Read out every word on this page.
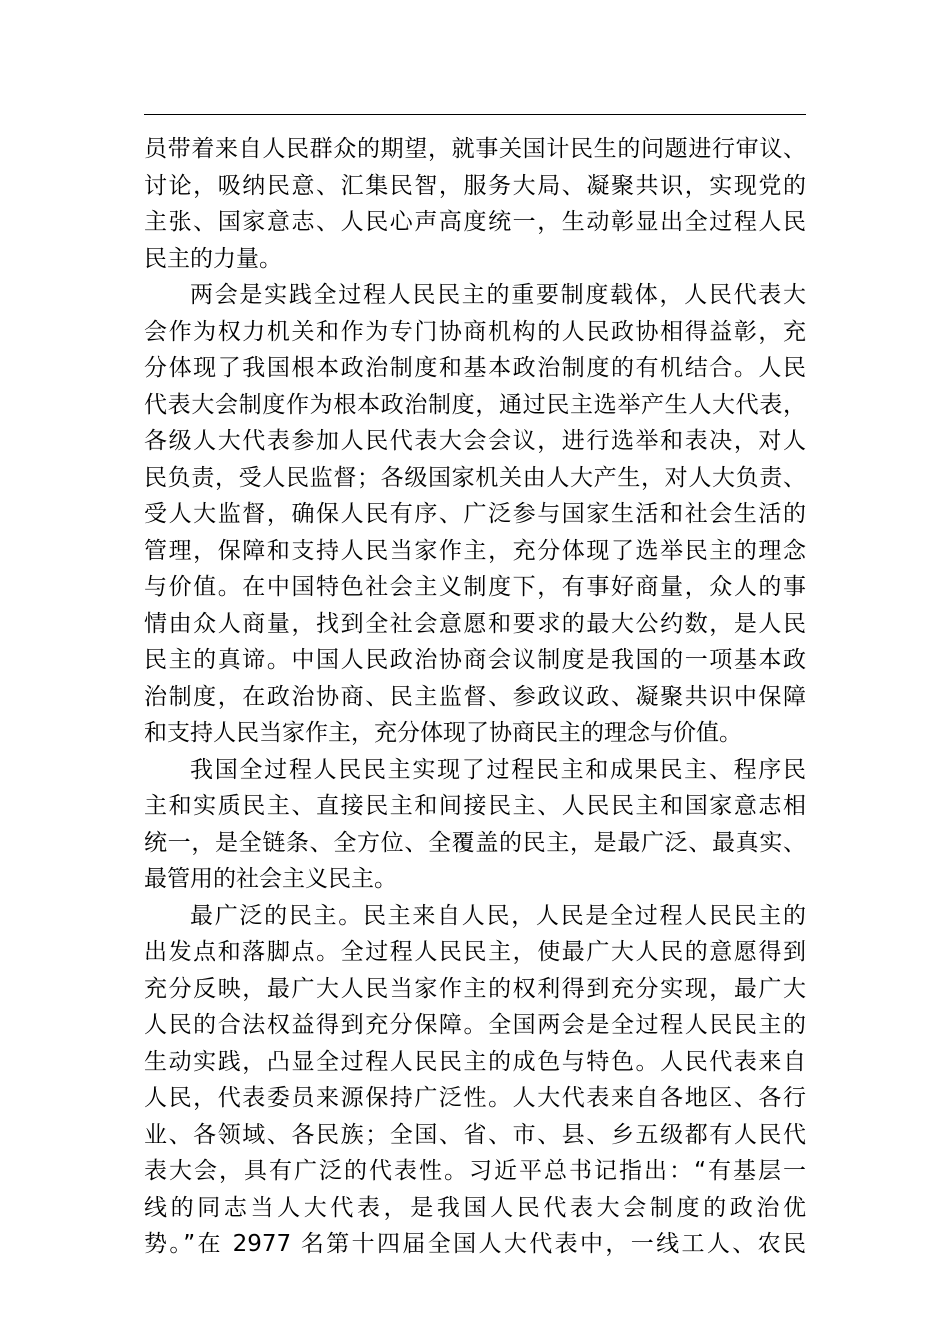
员带着来自人民群众的期望，就事关国计民生的问题进行审议、
讨论，吸纳民意、汇集民智，服务大局、凝聚共识，实现党的
主张、国家意志、人民心声高度统一，生动彰显出全过程人民
民主的力量。
两会是实践全过程人民民主的重要制度载体，人民代表大
会作为权力机关和作为专门协商机构的人民政协相得益彰，充
分体现了我国根本政治制度和基本政治制度的有机结合。人民
代表大会制度作为根本政治制度，通过民主选举产生人大代表，
各级人大代表参加人民代表大会会议，进行选举和表决，对人
民负责，受人民监督；各级国家机关由人大产生，对人大负责、
受人大监督，确保人民有序、广泛参与国家生活和社会生活的
管理，保障和支持人民当家作主，充分体现了选举民主的理念
与价值。在中国特色社会主义制度下，有事好商量，众人的事
情由众人商量，找到全社会意愿和要求的最大公约数，是人民
民主的真谛。中国人民政治协商会议制度是我国的一项基本政
治制度，在政治协商、民主监督、参政议政、凝聚共识中保障
和支持人民当家作主，充分体现了协商民主的理念与价值。
我国全过程人民民主实现了过程民主和成果民主、程序民
主和实质民主、直接民主和间接民主、人民民主和国家意志相
统一，是全链条、全方位、全覆盖的民主，是最广泛、最真实、
最管用的社会主义民主。
最广泛的民主。民主来自人民，人民是全过程人民民主的
出发点和落脚点。全过程人民民主，使最广大人民的意愿得到
充分反映，最广大人民当家作主的权利得到充分实现，最广大
人民的合法权益得到充分保障。全国两会是全过程人民民主的
生动实践，凸显全过程人民民主的成色与特色。人民代表来自
人民，代表委员来源保持广泛性。人大代表来自各地区、各行
业、各领域、各民族；全国、省、市、县、乡五级都有人民代
表大会，具有广泛的代表性。习近平总书记指出：“有基层一
线的同志当人大代表，是我国人民代表大会制度的政治优
势。”在 2977 名第十四届全国人大代表中，一线工人、农民
